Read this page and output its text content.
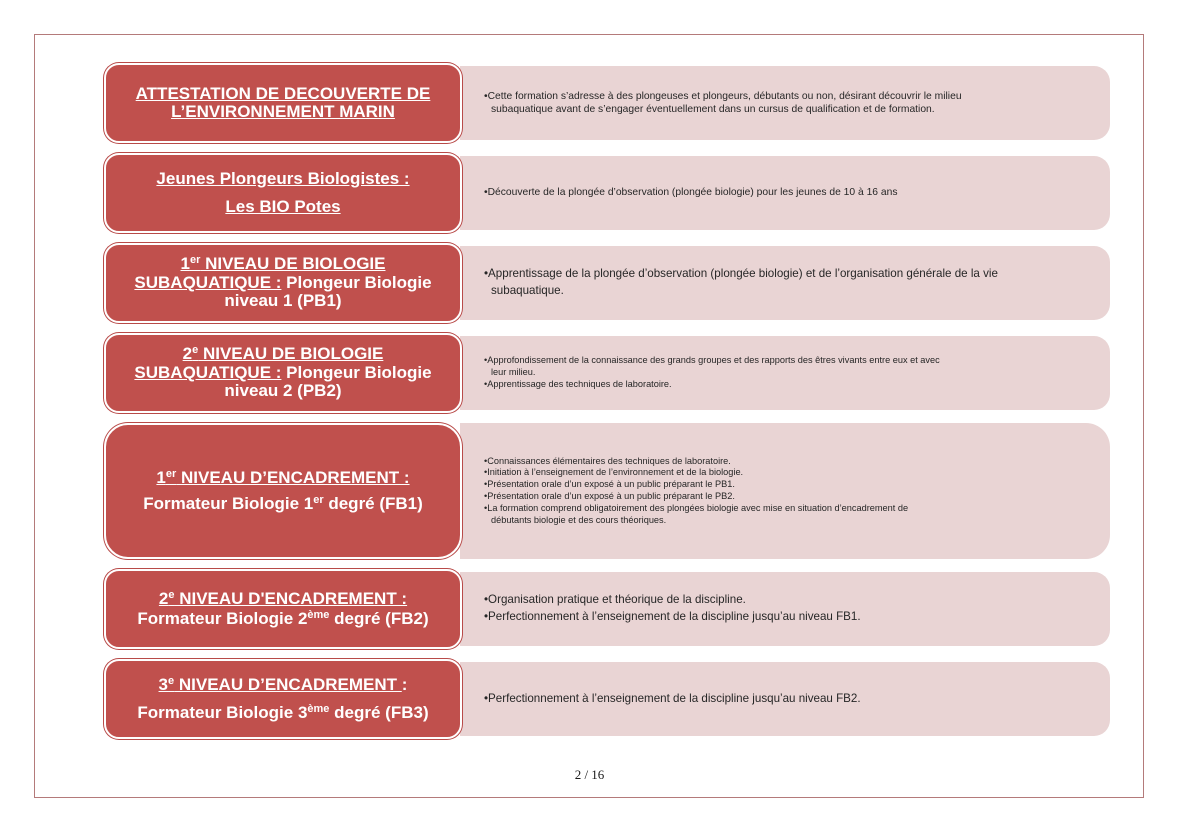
•Cette formation s’adresse à des plongeuses et plongeurs, débutants ou non, désirant découvrir le milieu

subaquatique avant de s’engager éventuellement dans un cursus de qualification et de formation.

ATTESTATION DE DECOUVERTE DE
L’ENVIRONNEMENT MARIN

•Découverte de la plongée d’observation (plongée biologie) pour les jeunes de 10 à 16 ans

Jeunes Plongeurs Biologistes :
Les BIO Potes

•Apprentissage de la plongée d’observation (plongée biologie) et de l’organisation générale de la vie

subaquatique.

1er NIVEAU DE BIOLOGIE
SUBAQUATIQUE : Plongeur Biologie
niveau 1 (PB1)

•Approfondissement de la connaissance des grands groupes et des rapports des êtres vivants entre eux et avec

leur milieu.

•Apprentissage des techniques de laboratoire.

2e NIVEAU DE BIOLOGIE
SUBAQUATIQUE : Plongeur Biologie
niveau 2 (PB2)

•Connaissances élémentaires des techniques de laboratoire.

•Initiation à l’enseignement de l’environnement et de la biologie.

•Présentation orale d’un exposé à un public préparant le PB1.

•Présentation orale d’un exposé à un public préparant le PB2.

•La formation comprend obligatoirement des plongées biologie avec mise en situation d’encadrement de

débutants biologie et des cours théoriques.

1er NIVEAU D’ENCADREMENT :
Formateur Biologie 1er degré (FB1)

•Organisation pratique et théorique de la discipline.

•Perfectionnement à l’enseignement de la discipline jusqu’au niveau FB1.

2e NIVEAU D'ENCADREMENT :
Formateur Biologie 2ème degré (FB2)

•Perfectionnement à l’enseignement de la discipline jusqu’au niveau FB2.

3e NIVEAU D’ENCADREMENT :
Formateur Biologie 3ème degré (FB3)
2 / 16
